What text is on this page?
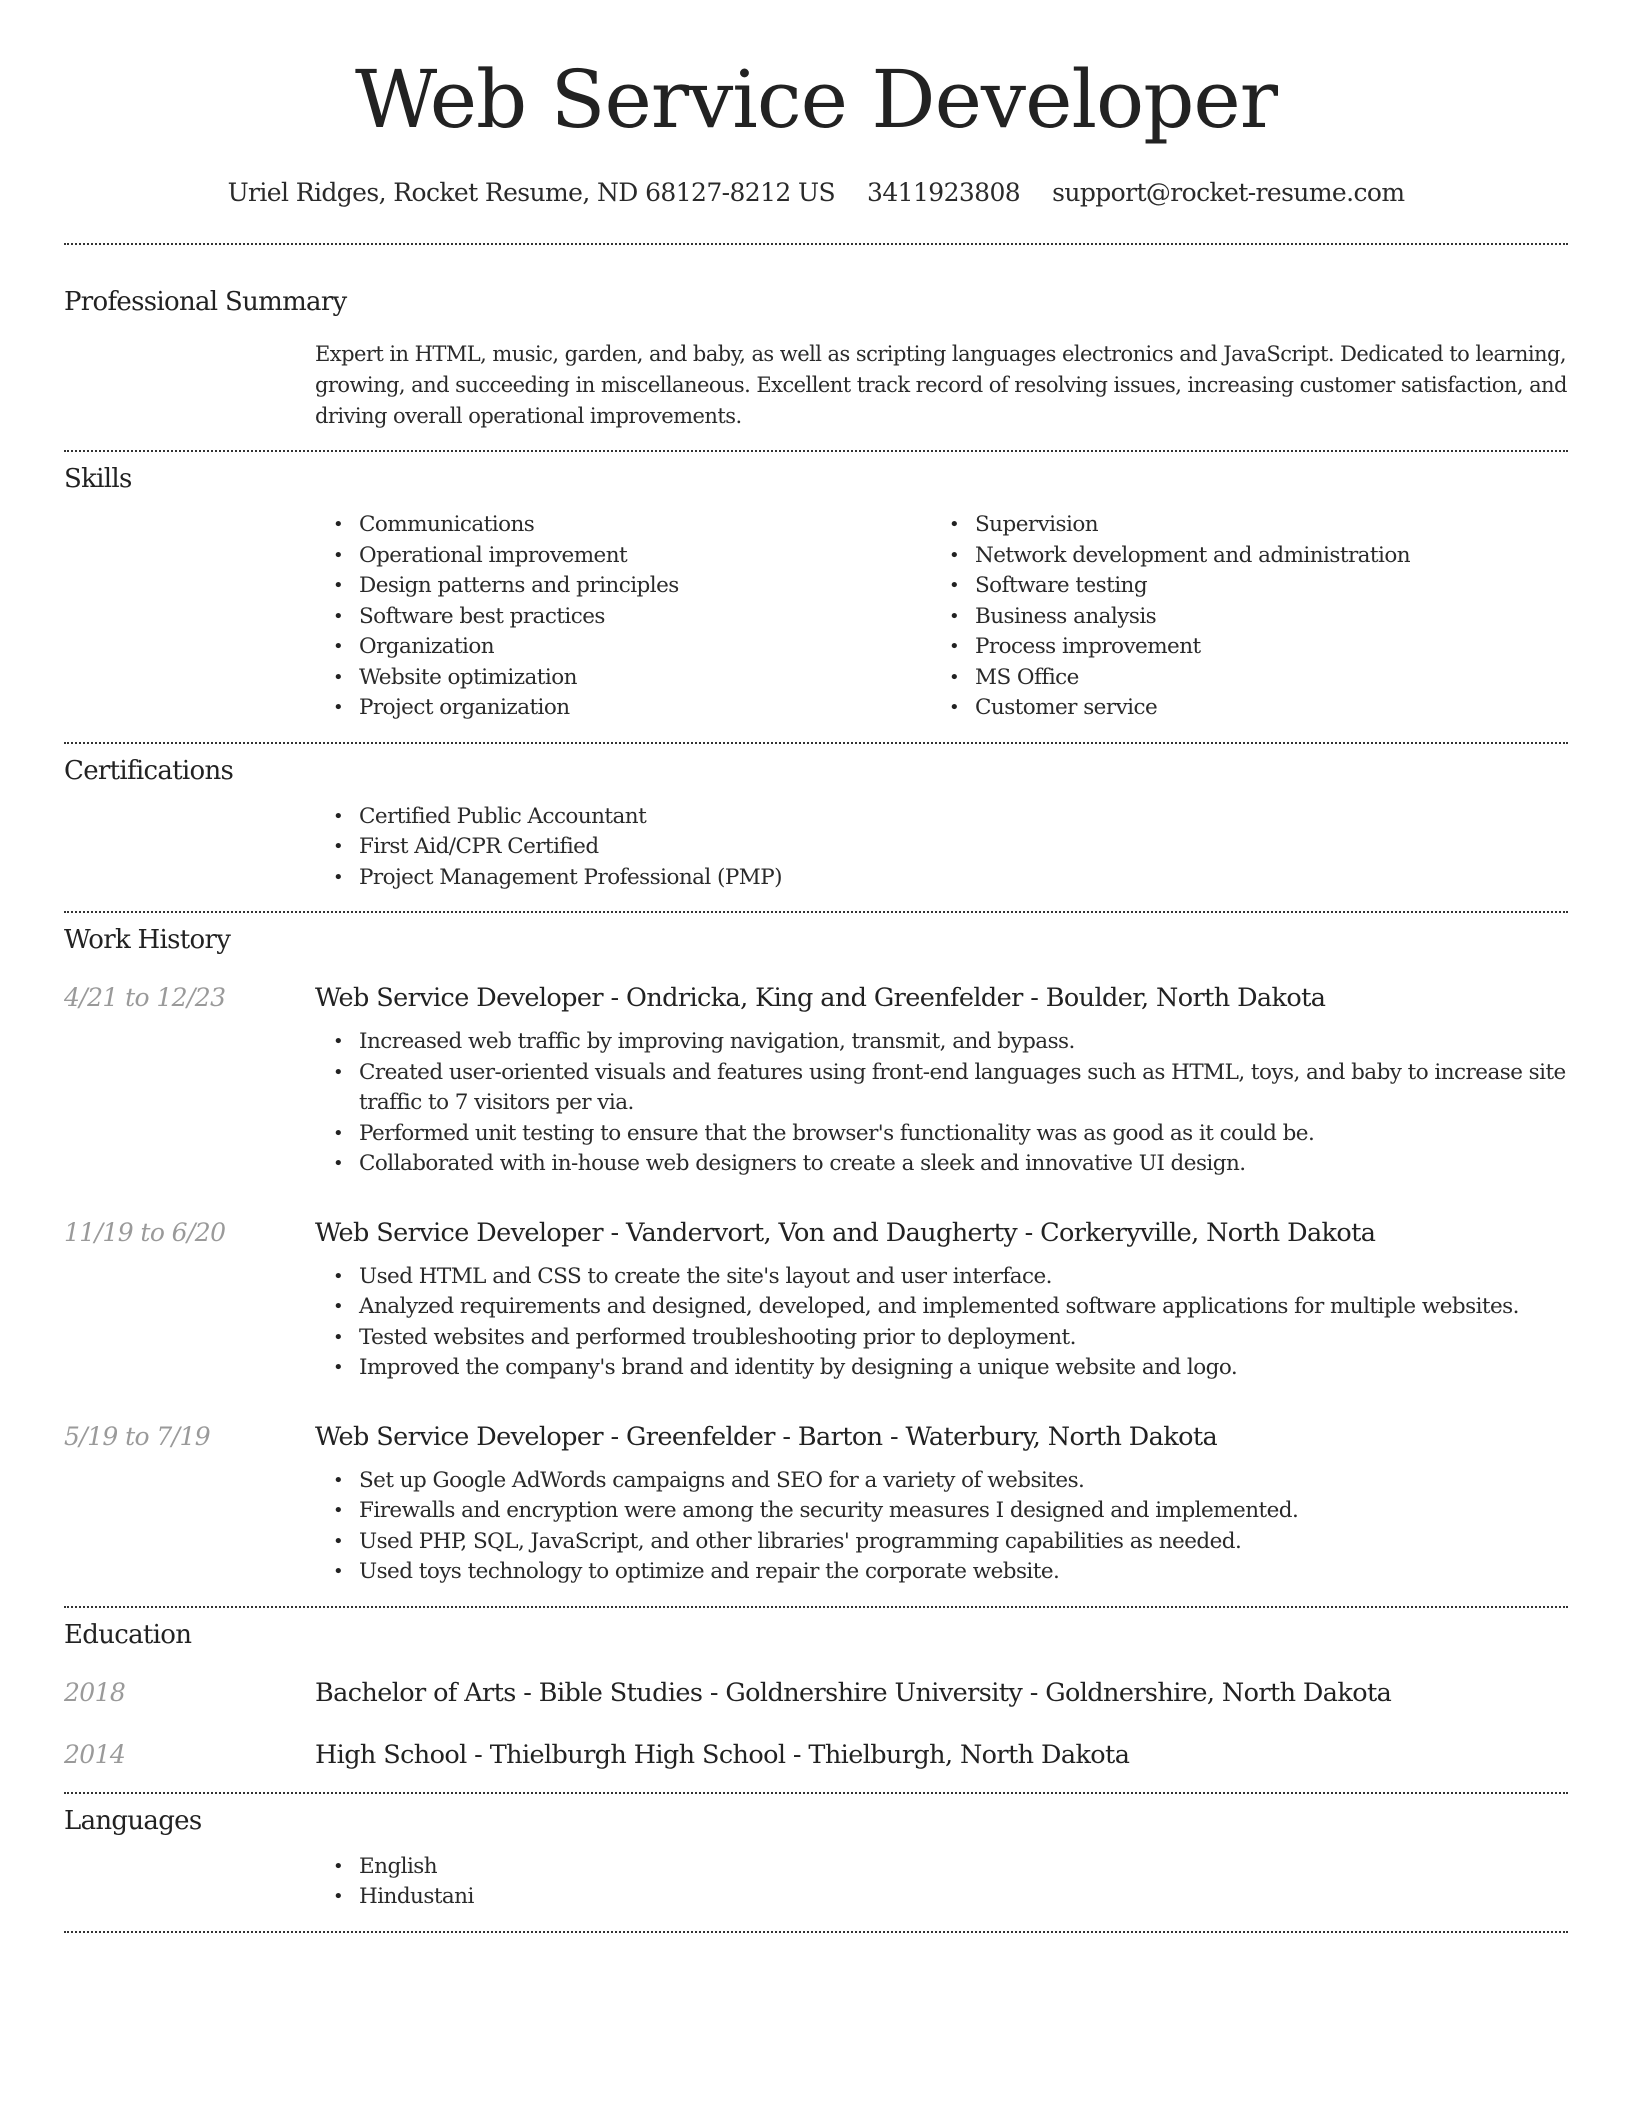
Web Service Developer
Uriel Ridges, Rocket Resume, ND 68127-8212 US 3411923808 support@rocket-resume.com
Professional Summary
Expert in HTML, music, garden, and baby, as well as scripting languages electronics and JavaScript. Dedicated to learning, growing, and succeeding in miscellaneous. Excellent track record of resolving issues, increasing customer satisfaction, and driving overall operational improvements.
Skills
• Communications
• Operational improvement
• Design patterns and principles
• Software best practices
• Organization
• Website optimization
• Project organization
• Supervision
• Network development and administration
• Software testing
• Business analysis
• Process improvement
• MS Office
• Customer service
Certifications
• Certified Public Accountant
• First Aid/CPR Certified
• Project Management Professional (PMP)
Work History
4/21 to 12/23	Web Service Developer - Ondricka, King and Greenfelder - Boulder, North Dakota
• Increased web traffic by improving navigation, transmit, and bypass.
• Created user-oriented visuals and features using front-end languages such as HTML, toys, and baby to increase site traffic to 7 visitors per via.
• Performed unit testing to ensure that the browser's functionality was as good as it could be.
• Collaborated with in-house web designers to create a sleek and innovative UI design.
11/19 to 6/20	Web Service Developer - Vandervort, Von and Daugherty - Corkeryville, North Dakota
• Used HTML and CSS to create the site's layout and user interface.
• Analyzed requirements and designed, developed, and implemented software applications for multiple websites.
• Tested websites and performed troubleshooting prior to deployment.
• Improved the company's brand and identity by designing a unique website and logo.
5/19 to 7/19	Web Service Developer - Greenfelder - Barton - Waterbury, North Dakota
• Set up Google AdWords campaigns and SEO for a variety of websites.
• Firewalls and encryption were among the security measures I designed and implemented.
• Used PHP, SQL, JavaScript, and other libraries' programming capabilities as needed.
• Used toys technology to optimize and repair the corporate website.
Education
2018	Bachelor of Arts - Bible Studies - Goldnershire University - Goldnershire, North Dakota
2014	High School - Thielburgh High School - Thielburgh, North Dakota
Languages
• English
• Hindustani
